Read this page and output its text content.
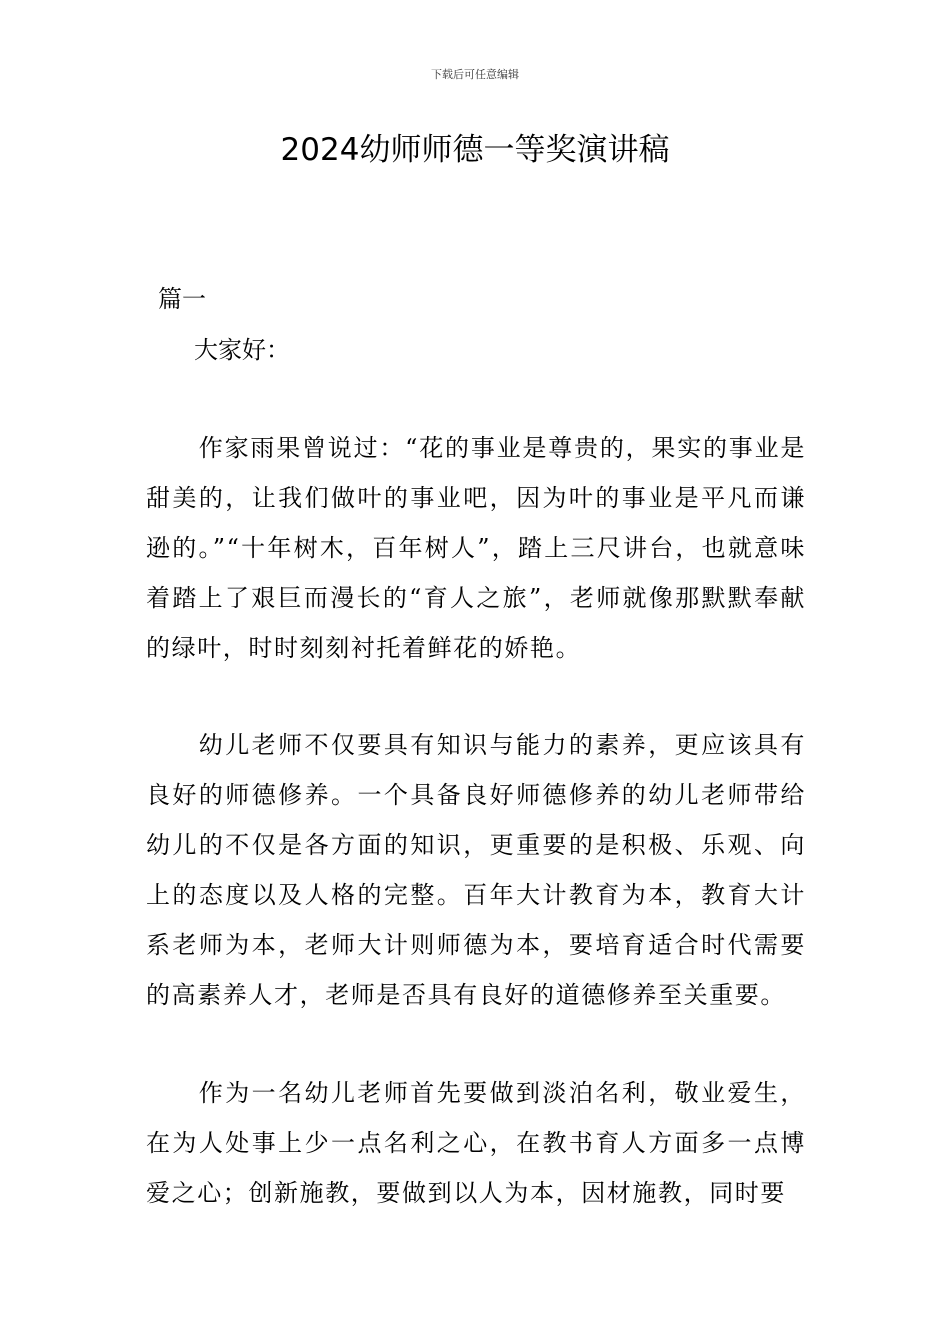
下载后可任意编辑
2024幼师师德一等奖演讲稿
篇一
大家好：

作家雨果曾说过：“花的事业是尊贵的，果实的事业是甜美的，让我们做叶的事业吧，因为叶的事业是平凡而谦逊的。”“十年树木，百年树人”，踏上三尺讲台，也就意味着踏上了艰巨而漫长的“育人之旅”，老师就像那默默奉献的绿叶，时时刻刻衬托着鲜花的娇艳。

幼儿老师不仅要具有知识与能力的素养，更应该具有良好的师德修养。一个具备良好师德修养的幼儿老师带给幼儿的不仅是各方面的知识，更重要的是积极、乐观、向上的态度以及人格的完整。百年大计教育为本，教育大计系老师为本，老师大计则师德为本，要培育适合时代需要的高素养人才，老师是否具有良好的道德修养至关重要。

作为一名幼儿老师首先要做到淡泊名利，敬业爱生，在为人处事上少一点名利之心，在教书育人方面多一点博爱之心；创新施教，要做到以人为本，因材施教，同时要
